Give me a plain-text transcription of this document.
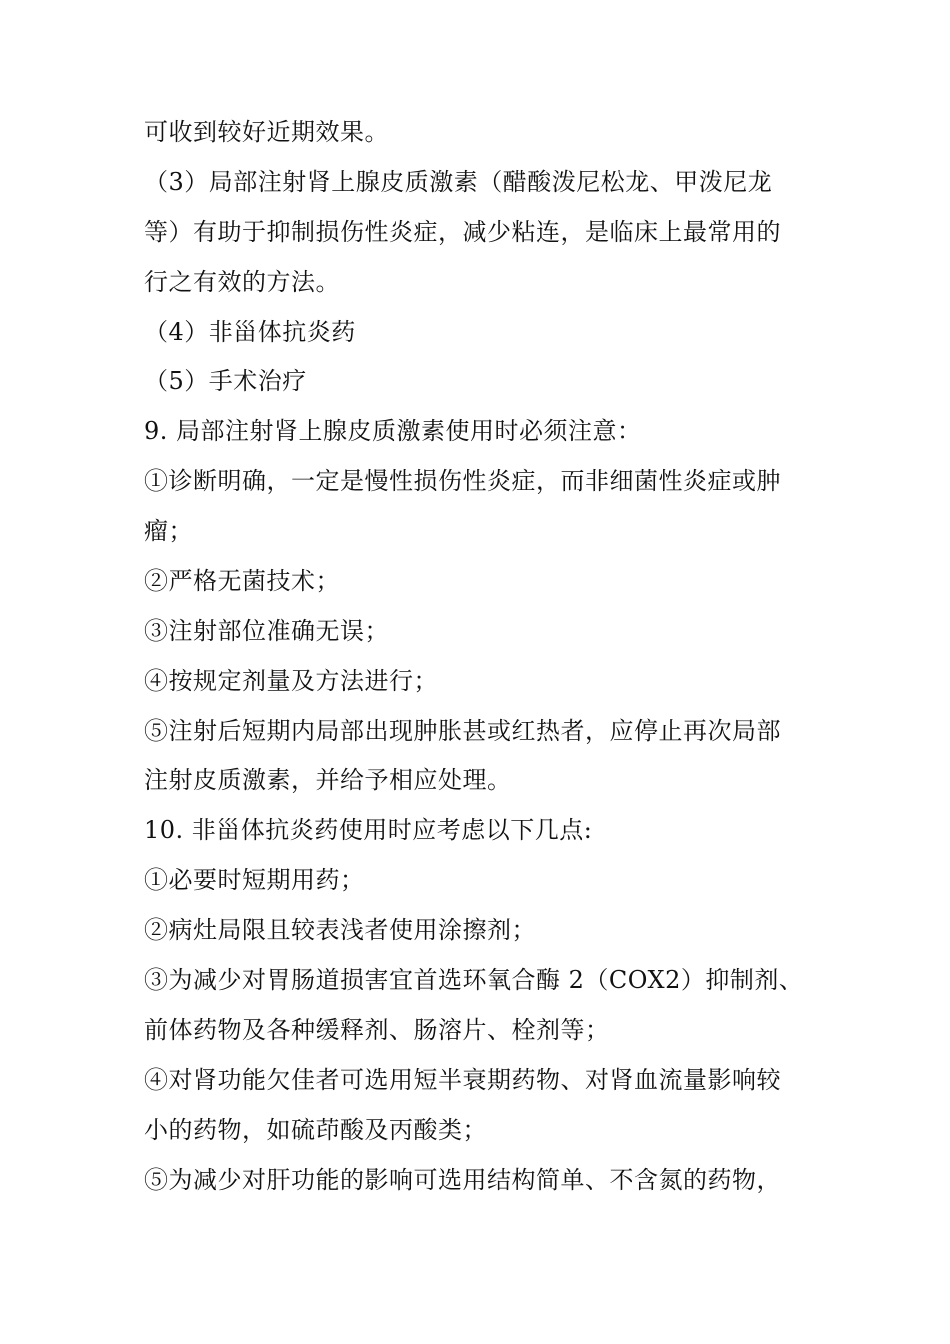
可收到较好近期效果。
（3）局部注射肾上腺皮质激素（醋酸泼尼松龙、甲泼尼龙
等）有助于抑制损伤性炎症，减少粘连，是临床上最常用的
行之有效的方法。
（4）非甾体抗炎药
（5）手术治疗
9. 局部注射肾上腺皮质激素使用时必须注意：
①诊断明确，一定是慢性损伤性炎症，而非细菌性炎症或肿
瘤；
②严格无菌技术；
③注射部位准确无误；
④按规定剂量及方法进行；
⑤注射后短期内局部出现肿胀甚或红热者，应停止再次局部
注射皮质激素，并给予相应处理。
10. 非甾体抗炎药使用时应考虑以下几点:
①必要时短期用药；
②病灶局限且较表浅者使用涂擦剂；
③为减少对胃肠道损害宜首选环氧合酶 2（COX2）抑制剂、
前体药物及各种缓释剂、肠溶片、栓剂等；
④对肾功能欠佳者可选用短半衰期药物、对肾血流量影响较
小的药物，如硫茚酸及丙酸类；
⑤为减少对肝功能的影响可选用结构简单、不含氮的药物，
